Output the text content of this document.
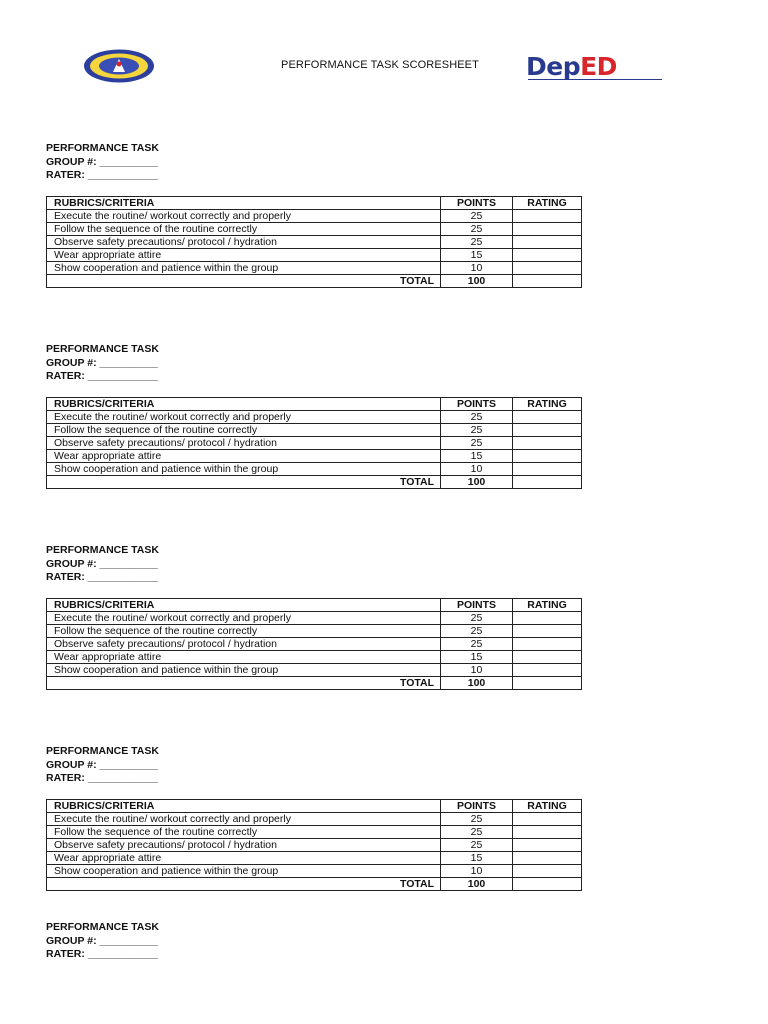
PERFORMANCE TASK SCORESHEET	DepED
PERFORMANCE TASK
GROUP #: __________
RATER: ____________
RUBRICS/CRITERIA	POINTS	RATING
Execute the routine/ workout correctly and properly	25	
Follow the sequence of the routine correctly	25	
Observe safety precautions/ protocol / hydration	25	
Wear appropriate attire	15	
Show cooperation and patience within the group	10	
TOTAL	100	
PERFORMANCE TASK
GROUP #: __________
RATER: ____________
RUBRICS/CRITERIA	POINTS	RATING
Execute the routine/ workout correctly and properly	25	
Follow the sequence of the routine correctly	25	
Observe safety precautions/ protocol / hydration	25	
Wear appropriate attire	15	
Show cooperation and patience within the group	10	
TOTAL	100	
PERFORMANCE TASK
GROUP #: __________
RATER: ____________
RUBRICS/CRITERIA	POINTS	RATING
Execute the routine/ workout correctly and properly	25	
Follow the sequence of the routine correctly	25	
Observe safety precautions/ protocol / hydration	25	
Wear appropriate attire	15	
Show cooperation and patience within the group	10	
TOTAL	100	
PERFORMANCE TASK
GROUP #: __________
RATER: ____________
RUBRICS/CRITERIA	POINTS	RATING
Execute the routine/ workout correctly and properly	25	
Follow the sequence of the routine correctly	25	
Observe safety precautions/ protocol / hydration	25	
Wear appropriate attire	15	
Show cooperation and patience within the group	10	
TOTAL	100	
PERFORMANCE TASK
GROUP #: __________
RATER: ____________
